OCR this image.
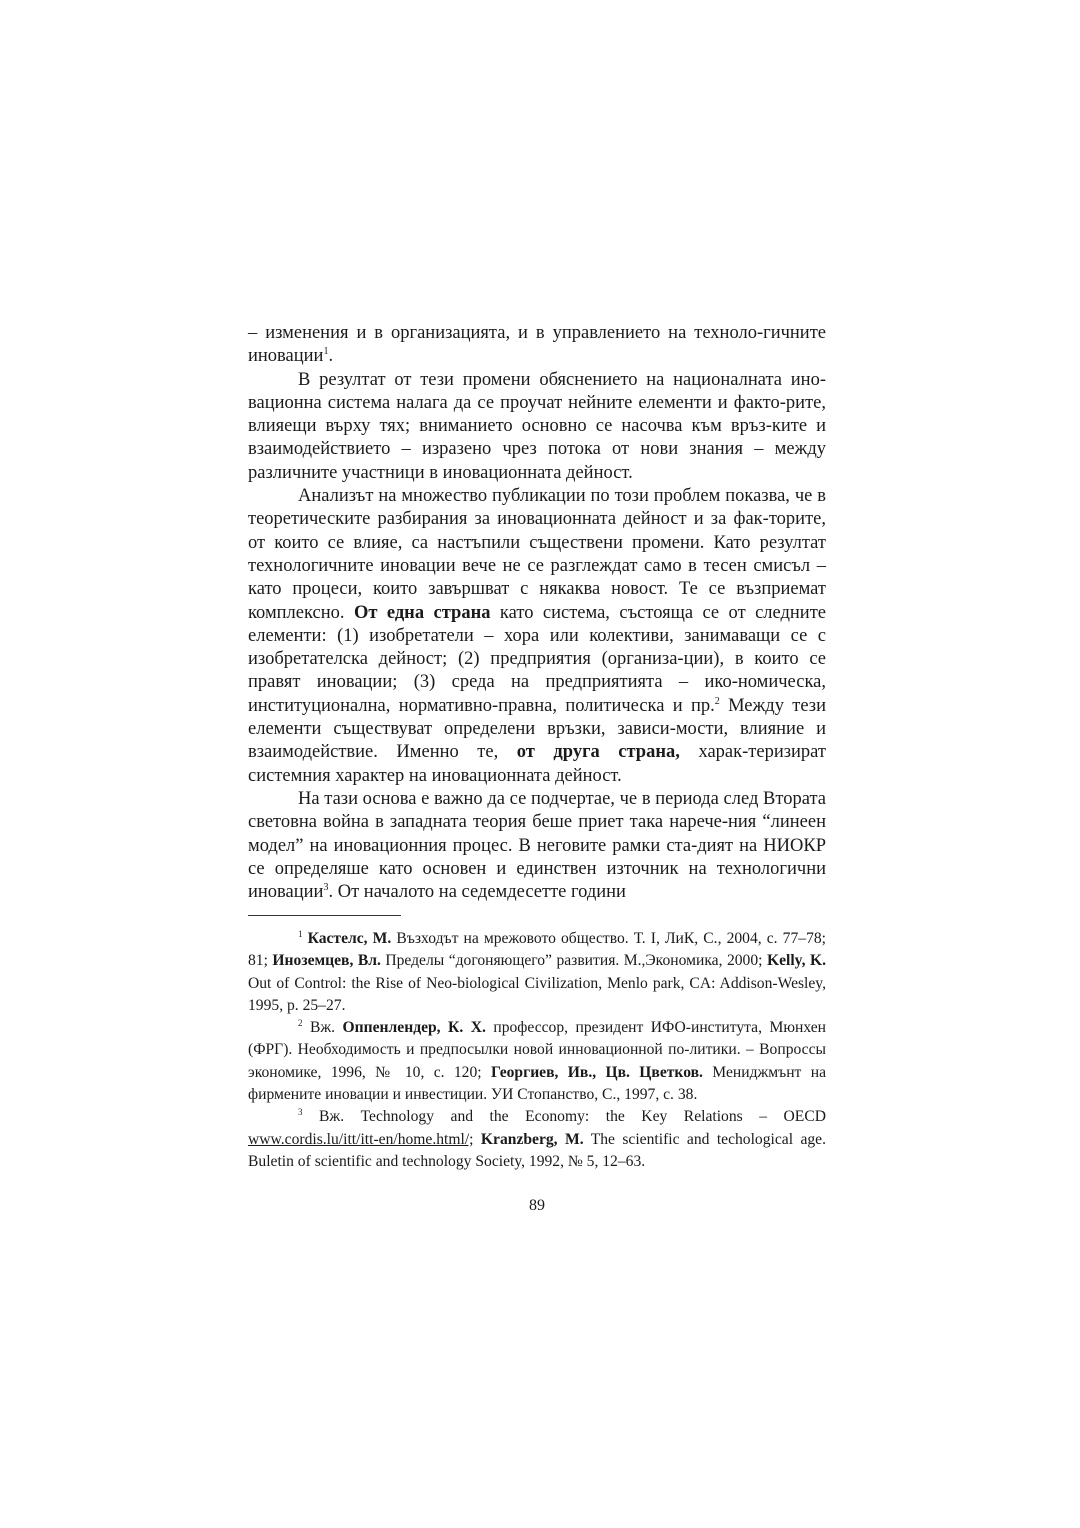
– изменения и в организацията, и в управлението на техноло-гичните иновации$^1$.

В резултат от тези промени обяснението на националната ино-вационна система налага да се проучат нейните елементи и факто-рите, влияещи върху тях; вниманието основно се насочва към връз-ките и взаимодействието – изразено чрез потока от нови знания – между различните участници в иновационната дейност.

Анализът на множество публикации по този проблем показва, че в теоретическите разбирания за иновационната дейност и за фак-торите, от които се влияе, са настъпили съществени промени. Като резултат технологичните иновации вече не се разглеждат само в тесен смисъл – като процеси, които завършват с някаква новост. Те се възприемат комплексно. От една страна като система, състояща се от следните елементи: (1) изобретатели – хора или колективи, занимаващи се с изобретателска дейност; (2) предприятия (организа-ции), в които се правят иновации; (3) среда на предприятията – ико-номическа, институционална, нормативно-правна, политическа и пр.$^2$ Между тези елементи съществуват определени връзки, зависи-мости, влияние и взаимодействие. Именно те, от друга страна, харак-теризират системния характер на иновационната дейност.

На тази основа е важно да се подчертае, че в периода след Втората световна война в западната теория беше приет така нарече-ния “линеен модел” на иновационния процес. В неговите рамки ста-дият на НИОКР се определяше като основен и единствен източник на технологични иновации$^3$. От началото на седемдесетте години

$^1$ Кастелс, М. Възходът на мрежовото общество. Т. I, ЛиК, С., 2004, с. 77–78; 81; Иноземцев, Вл. Пределы “догоняющего” развития. М.,Экономика, 2000; Kelly, K. Out of Control: the Rise of Neo-biological Civilization, Menlo park, CA: Addison-Wesley, 1995, p. 25–27.

$^2$ Вж. Оппенлендер, К. Х. профессор, президент ИФО-института, Мюнхен (ФРГ). Необходимость и предпосылки новой инновационной по-литики. – Вопроссы экономике, 1996, № 10, с. 120; Георгиев, Ив., Цв. Цветков. Мениджмънт на фирмените иновации и инвестиции. УИ Стопанство, С., 1997, с. 38.

$^3$ Вж. Technology and the Economy: the Key Relations – OECD www.cordis.lu/itt/itt-en/home.html/; Kranzberg, M. The scientific and techological age. Buletin of scientific and technology Society, 1992, № 5, 12–63.

89
